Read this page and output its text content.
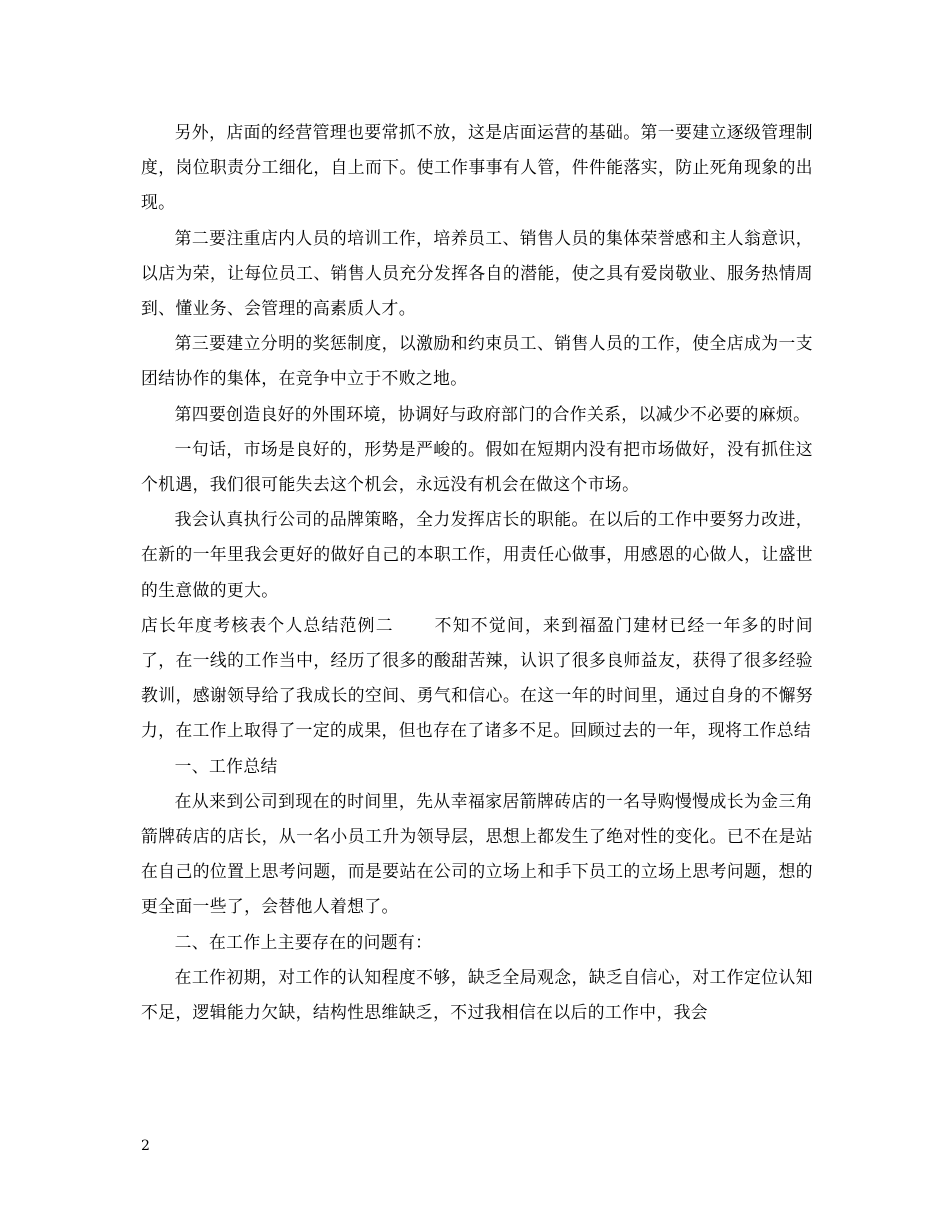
另外，店面的经营管理也要常抓不放，这是店面运营的基础。第一要建立逐级管理制度，岗位职责分工细化，自上而下。使工作事事有人管，件件能落实，防止死角现象的出现。

第二要注重店内人员的培训工作，培养员工、销售人员的集体荣誉感和主人翁意识，以店为荣，让每位员工、销售人员充分发挥各自的潜能，使之具有爱岗敬业、服务热情周到、懂业务、会管理的高素质人才。

第三要建立分明的奖惩制度，以激励和约束员工、销售人员的工作，使全店成为一支团结协作的集体，在竞争中立于不败之地。

第四要创造良好的外围环境，协调好与政府部门的合作关系，以减少不必要的麻烦。

一句话，市场是良好的，形势是严峻的。假如在短期内没有把市场做好，没有抓住这个机遇，我们很可能失去这个机会，永远没有机会在做这个市场。

我会认真执行公司的品牌策略，全力发挥店长的职能。在以后的工作中要努力改进，在新的一年里我会更好的做好自己的本职工作，用责任心做事，用感恩的心做人，让盛世的生意做的更大。

店长年度考核表个人总结范例二 不知不觉间，来到福盈门建材已经一年多的时间了，在一线的工作当中，经历了很多的酸甜苦辣，认识了很多良师益友，获得了很多经验教训，感谢领导给了我成长的空间、勇气和信心。在这一年的时间里，通过自身的不懈努力，在工作上取得了一定的成果，但也存在了诸多不足。回顾过去的一年，现将工作总结

一、工作总结

在从来到公司到现在的时间里，先从幸福家居箭牌砖店的一名导购慢慢成长为金三角箭牌砖店的店长，从一名小员工升为领导层，思想上都发生了绝对性的变化。已不在是站在自己的位置上思考问题，而是要站在公司的立场上和手下员工的立场上思考问题，想的更全面一些了，会替他人着想了。

二、在工作上主要存在的问题有：

在工作初期，对工作的认知程度不够，缺乏全局观念，缺乏自信心，对工作定位认知不足，逻辑能力欠缺，结构性思维缺乏，不过我相信在以后的工作中，我会

2
